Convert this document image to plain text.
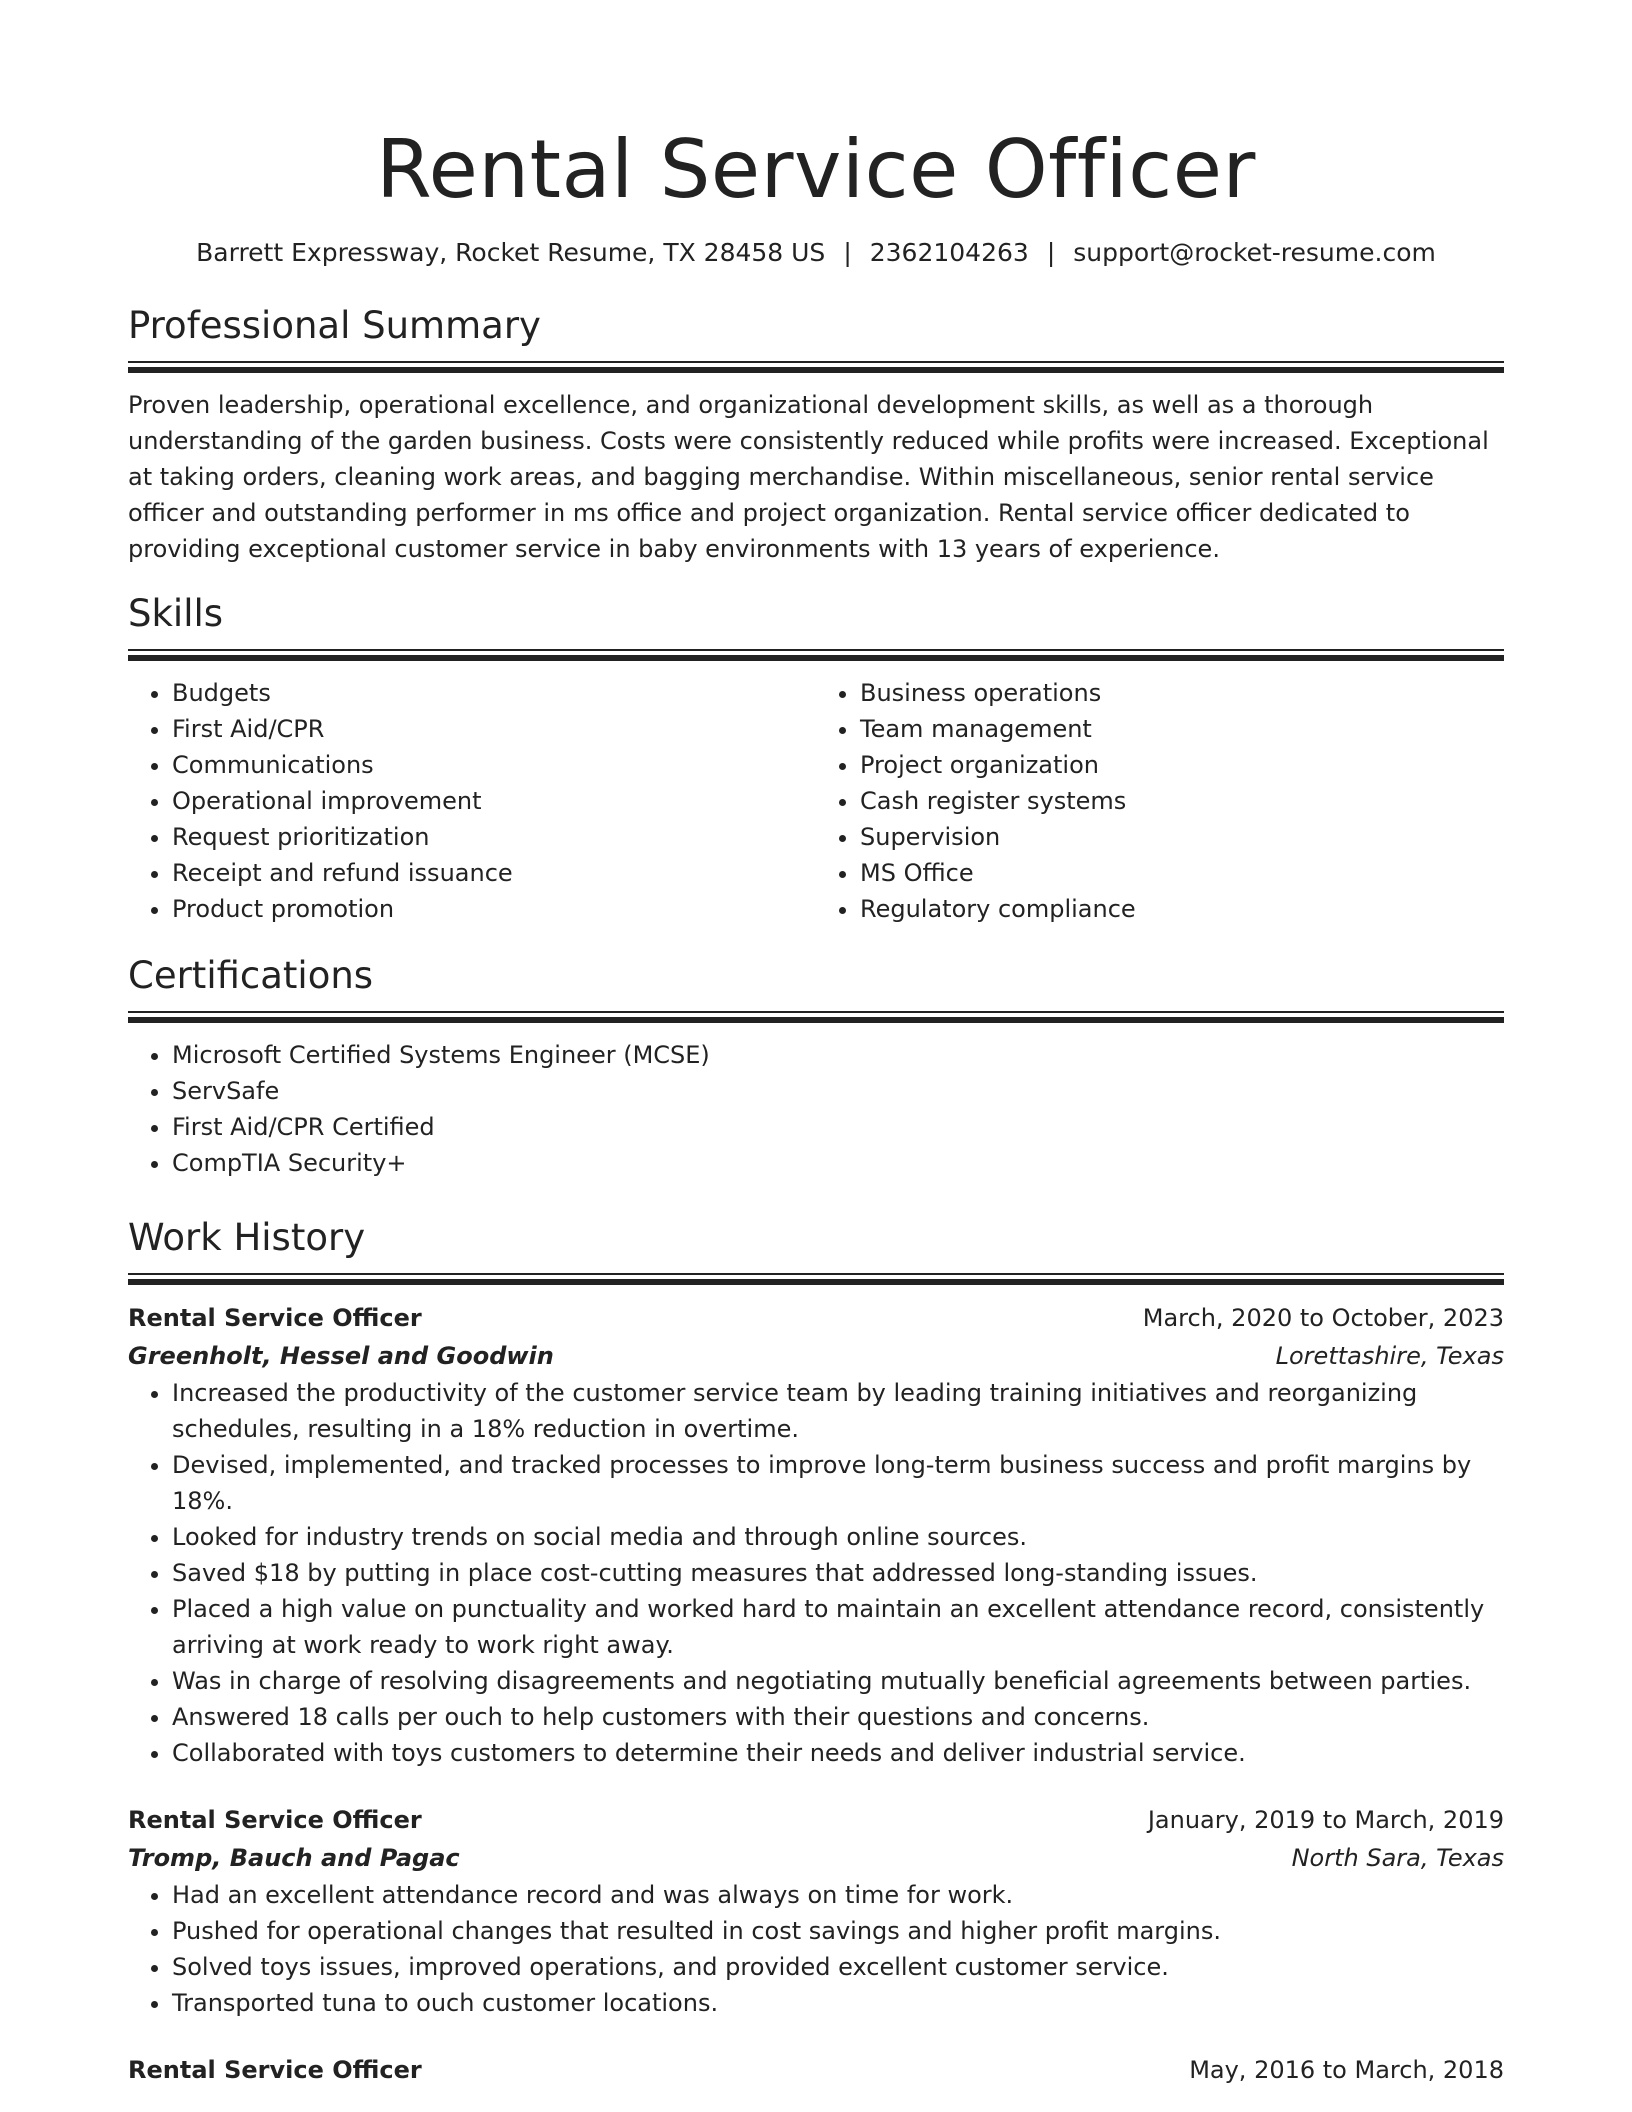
Rental Service Officer
Barrett Expressway, Rocket Resume, TX 28458 US | 2362104263 | support@rocket-resume.com
Professional Summary

Proven leadership, operational excellence, and organizational development skills, as well as a thorough understanding of the garden business. Costs were consistently reduced while profits were increased. Exceptional at taking orders, cleaning work areas, and bagging merchandise. Within miscellaneous, senior rental service officer and outstanding performer in ms office and project organization. Rental service officer dedicated to providing exceptional customer service in baby environments with 13 years of experience.

Skills
• Budgets
• First Aid/CPR
• Communications
• Operational improvement
• Request prioritization
• Receipt and refund issuance
• Product promotion
• Business operations
• Team management
• Project organization
• Cash register systems
• Supervision
• MS Office
• Regulatory compliance
Certifications
• Microsoft Certified Systems Engineer (MCSE)
• ServSafe
• First Aid/CPR Certified
• CompTIA Security+
Work History
Rental Service Officer	March, 2020 to October, 2023
Greenholt, Hessel and Goodwin	Lorettashire, Texas
• Increased the productivity of the customer service team by leading training initiatives and reorganizing schedules, resulting in a 18% reduction in overtime.
• Devised, implemented, and tracked processes to improve long-term business success and profit margins by 18%.
• Looked for industry trends on social media and through online sources.
• Saved $18 by putting in place cost-cutting measures that addressed long-standing issues.
• Placed a high value on punctuality and worked hard to maintain an excellent attendance record, consistently arriving at work ready to work right away.
• Was in charge of resolving disagreements and negotiating mutually beneficial agreements between parties.
• Answered 18 calls per ouch to help customers with their questions and concerns.
• Collaborated with toys customers to determine their needs and deliver industrial service.
Rental Service Officer	January, 2019 to March, 2019
Tromp, Bauch and Pagac	North Sara, Texas
• Had an excellent attendance record and was always on time for work.
• Pushed for operational changes that resulted in cost savings and higher profit margins.
• Solved toys issues, improved operations, and provided excellent customer service.
• Transported tuna to ouch customer locations.
Rental Service Officer	May, 2016 to March, 2018
